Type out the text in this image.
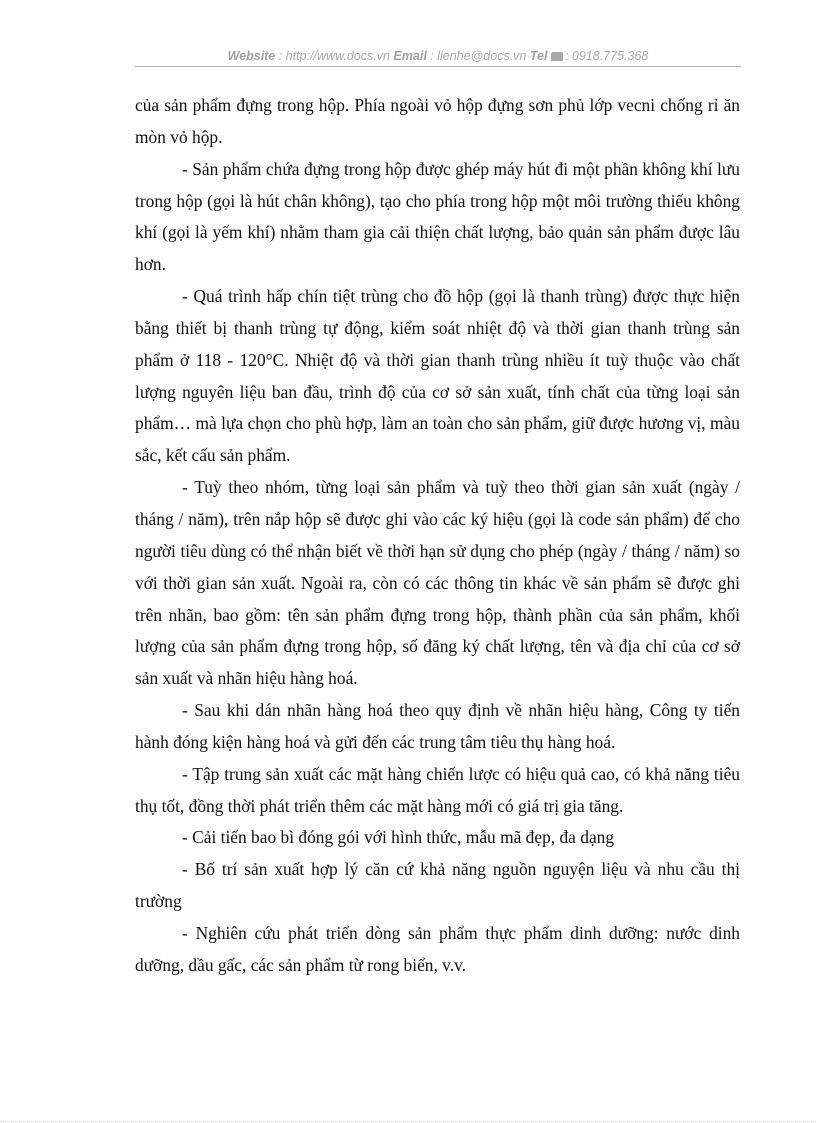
Website : http://www.docs.vn Email : lienhe@docs.vn Tel : 0918.775.368

của sản phẩm đựng trong hộp. Phía ngoài vỏ hộp đựng sơn phủ lớp vecni chống rỉ ăn mòn vỏ hộp.

- Sản phẩm chứa đựng trong hộp được ghép máy hút đi một phần không khí lưu trong hộp (gọi là hút chân không), tạo cho phía trong hộp một môi trường thiếu không khí (gọi là yếm khí) nhằm tham gia cải thiện chất lượng, bảo quản sản phẩm được lâu hơn.

- Quá trình hấp chín tiệt trùng cho đồ hộp (gọi là thanh trùng) được thực hiện bằng thiết bị thanh trùng tự động, kiểm soát nhiệt độ và thời gian thanh trùng sản phẩm ở 118 - 120°C. Nhiệt độ và thời gian thanh trùng nhiều ít tuỳ thuộc vào chất lượng nguyên liệu ban đầu, trình độ của cơ sở sản xuất, tính chất của từng loại sản phẩm… mà lựa chọn cho phù hợp, làm an toàn cho sản phẩm, giữ được hương vị, màu sắc, kết cấu sản phẩm.

- Tuỳ theo nhóm, từng loại sản phẩm và tuỳ theo thời gian sản xuất (ngày / tháng / năm), trên nắp hộp sẽ được ghi vào các ký hiệu (gọi là code sản phẩm) để cho người tiêu dùng có thể nhận biết về thời hạn sử dụng cho phép (ngày / tháng / năm) so với thời gian sản xuất. Ngoài ra, còn có các thông tin khác về sản phẩm sẽ được ghi trên nhãn, bao gồm: tên sản phẩm đựng trong hộp, thành phần của sản phẩm, khối lượng của sản phẩm đựng trong hộp, số đăng ký chất lượng, tên và địa chỉ của cơ sở sản xuất và nhãn hiệu hàng hoá.

- Sau khi dán nhãn hàng hoá theo quy định về nhãn hiệu hàng, Công ty tiến hành đóng kiện hàng hoá và gửi đến các trung tâm tiêu thụ hàng hoá.

- Tập trung sản xuất các mặt hàng chiến lược có hiệu quả cao, có khả năng tiêu thụ tốt, đồng thời phát triển thêm các mặt hàng mới có giá trị gia tăng.

- Cải tiến bao bì đóng gói với hình thức, mẫu mã đẹp, đa dạng

- Bố trí sản xuất hợp lý căn cứ khả năng nguồn nguyện liệu và nhu cầu thị trường

- Nghiên cứu phát triển dòng sản phẩm thực phẩm dinh dưỡng: nước dinh dưỡng, dầu gấc, các sản phẩm từ rong biển, v.v.
